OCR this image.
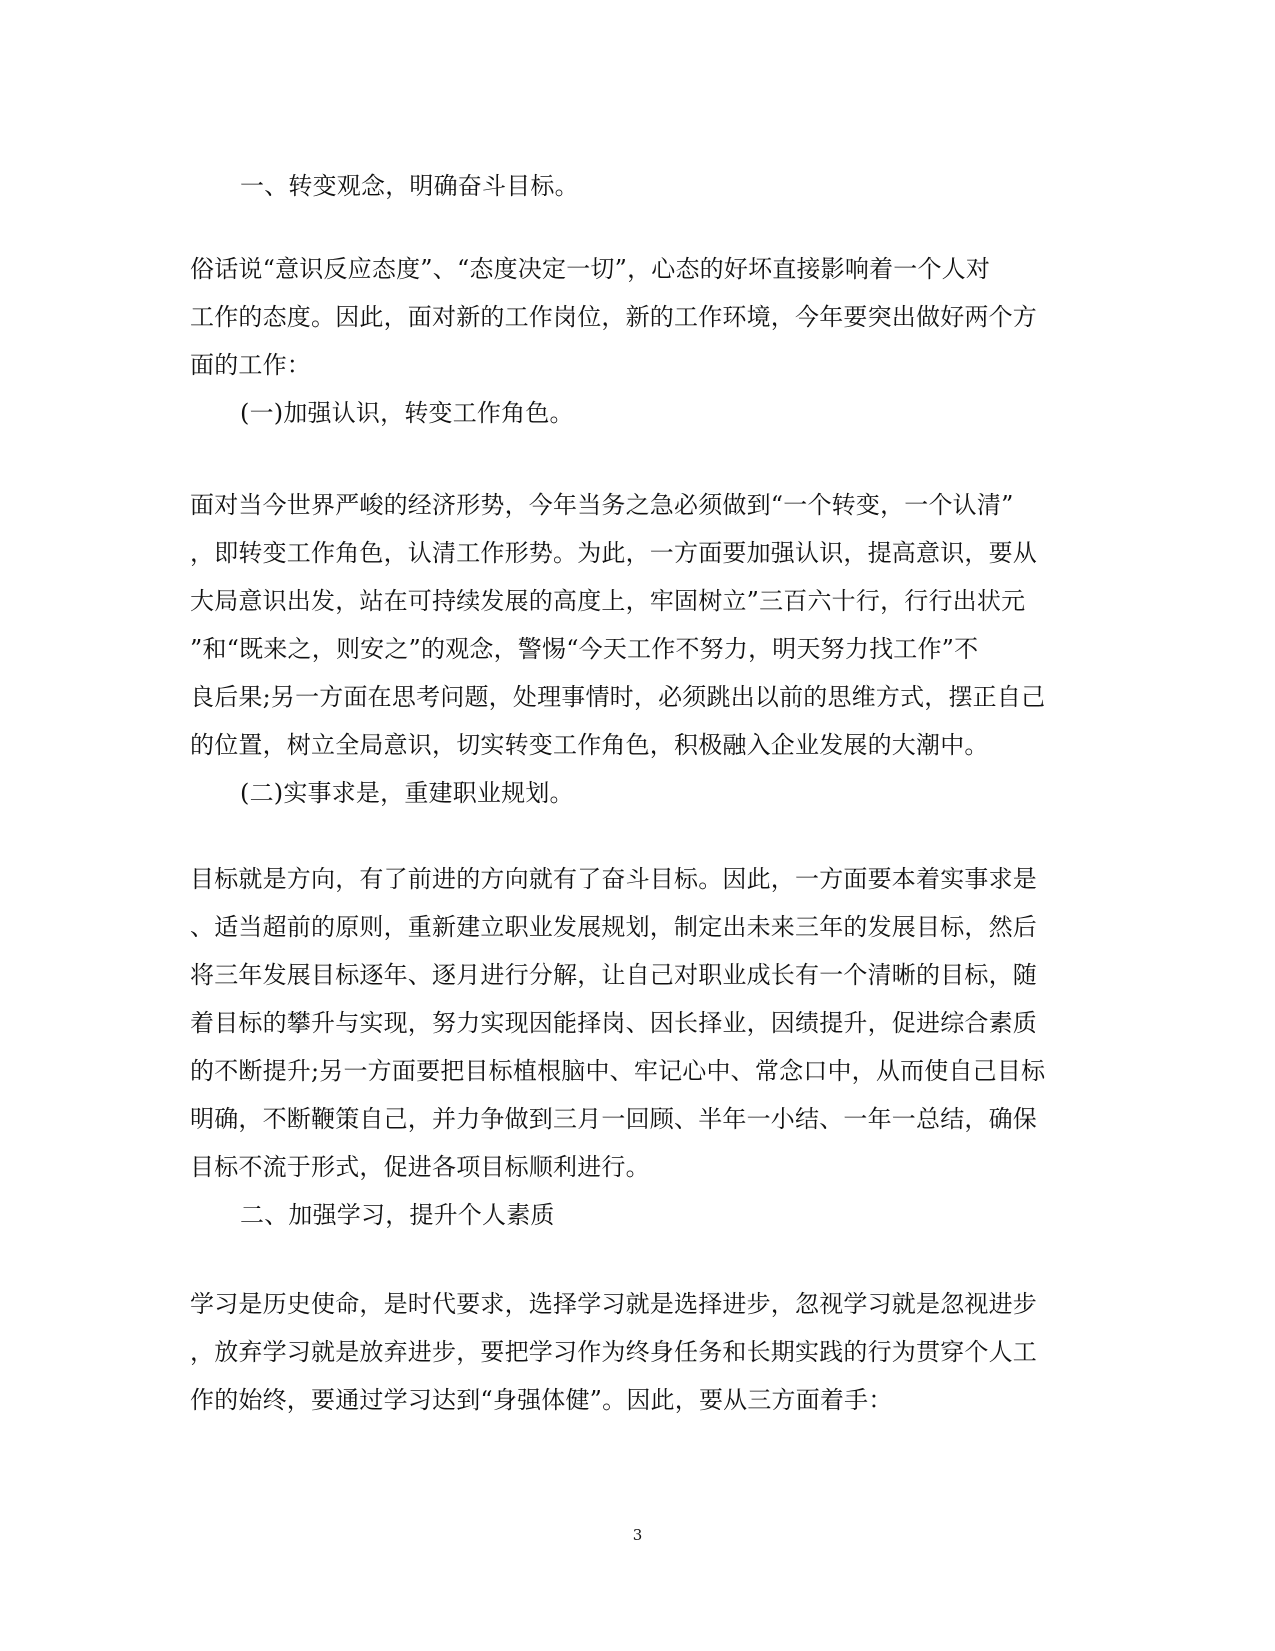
一、转变观念，明确奋斗目标。
俗话说“意识反应态度”、“态度决定一切”，心态的好坏直接影响着一个人对
工作的态度。因此，面对新的工作岗位，新的工作环境，今年要突出做好两个方
面的工作：
(一)加强认识，转变工作角色。
面对当今世界严峻的经济形势，今年当务之急必须做到“一个转变，一个认清”
，即转变工作角色，认清工作形势。为此，一方面要加强认识，提高意识，要从
大局意识出发，站在可持续发展的高度上，牢固树立”三百六十行，行行出状元
”和“既来之，则安之”的观念，警惕“今天工作不努力，明天努力找工作”不
良后果;另一方面在思考问题，处理事情时，必须跳出以前的思维方式，摆正自己
的位置，树立全局意识，切实转变工作角色，积极融入企业发展的大潮中。
(二)实事求是，重建职业规划。
目标就是方向，有了前进的方向就有了奋斗目标。因此，一方面要本着实事求是
、适当超前的原则，重新建立职业发展规划，制定出未来三年的发展目标，然后
将三年发展目标逐年、逐月进行分解，让自己对职业成长有一个清晰的目标，随
着目标的攀升与实现，努力实现因能择岗、因长择业，因绩提升，促进综合素质
的不断提升;另一方面要把目标植根脑中、牢记心中、常念口中，从而使自己目标
明确，不断鞭策自己，并力争做到三月一回顾、半年一小结、一年一总结，确保
目标不流于形式，促进各项目标顺利进行。
二、加强学习，提升个人素质
学习是历史使命，是时代要求，选择学习就是选择进步，忽视学习就是忽视进步
，放弃学习就是放弃进步，要把学习作为终身任务和长期实践的行为贯穿个人工
作的始终，要通过学习达到“身强体健”。因此，要从三方面着手：
3
